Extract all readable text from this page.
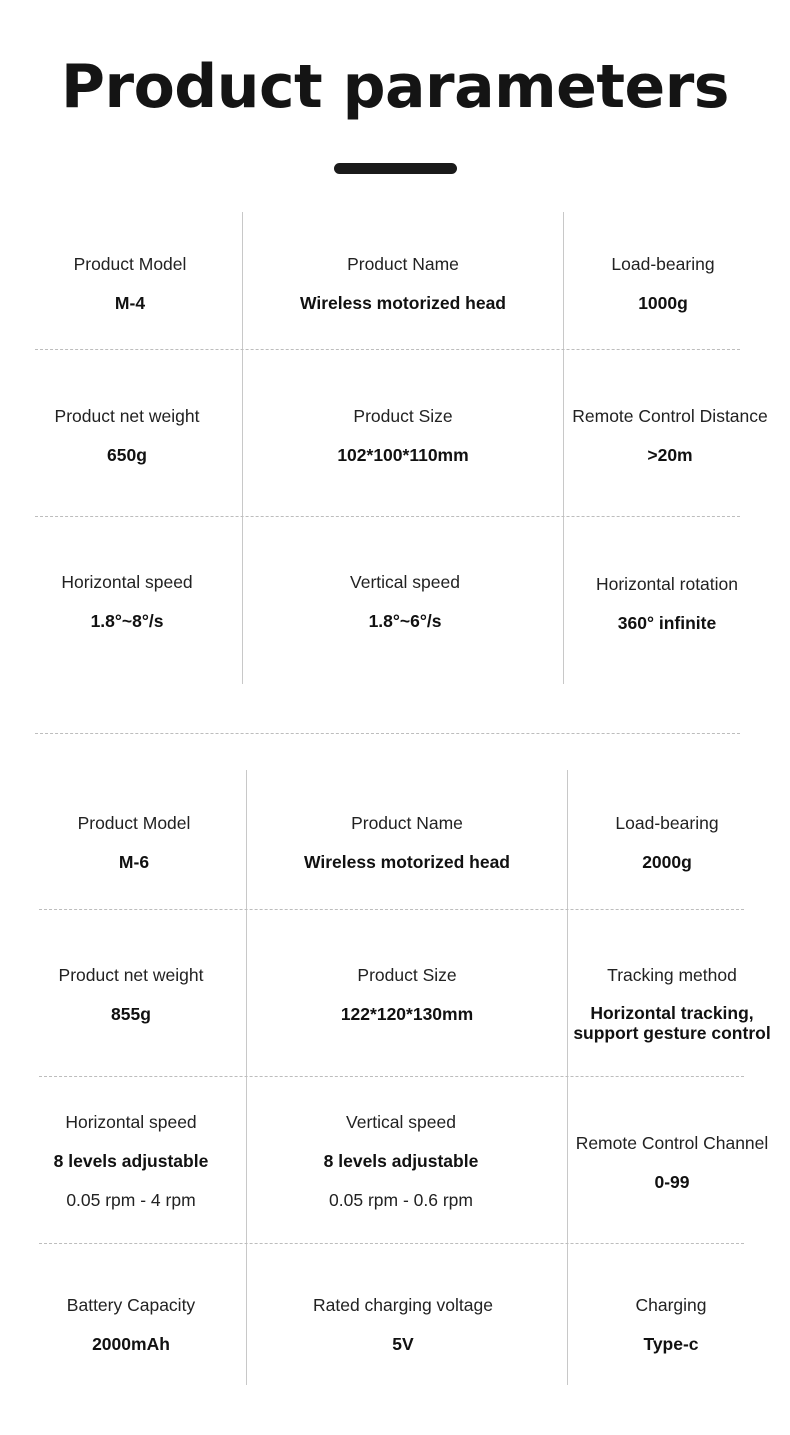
Product parameters
Product Model
M-4
Product Name
Wireless motorized head
Load-bearing
1000g
Product net weight
650g
Product Size
102*100*110mm
Remote Control Distance
>20m
Horizontal speed
1.8°~8°/s
Vertical speed
1.8°~6°/s
Horizontal rotation
360° infinite
Product Model
M-6
Product Name
Wireless motorized head
Load-bearing
2000g
Product net weight
855g
Product Size
122*120*130mm
Tracking method
Horizontal tracking,
support gesture control
Horizontal speed
8 levels adjustable
0.05 rpm - 4 rpm
Vertical speed
8 levels adjustable
0.05 rpm - 0.6 rpm
Remote Control Channel
0-99
Battery Capacity
2000mAh
Rated charging voltage
5V
Charging
Type-c
